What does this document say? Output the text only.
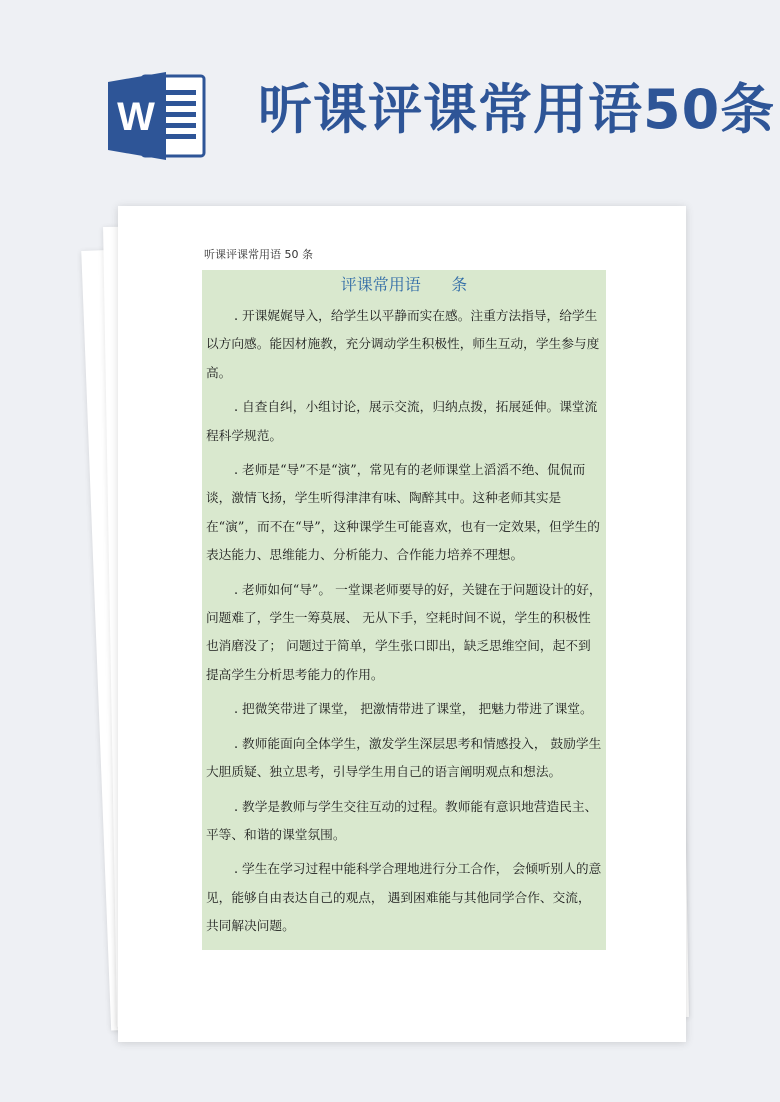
W 听课评课常用语50条
听课评课常用语 50 条
评课常用语      条

. 开课娓娓导入，给学生以平静而实在感。注重方法指导，给学生以方向感。能因材施教，充分调动学生积极性，师生互动，学生参与度高。

. 自查自纠，小组讨论，展示交流，归纳点拨，拓展延伸。课堂流程科学规范。

. 老师是“导”不是“演”，常见有的老师课堂上滔滔不绝、侃侃而谈，激情飞扬，学生听得津津有味、陶醉其中。这种老师其实是在“演”，而不在“导”，这种课学生可能喜欢，也有一定效果，但学生的表达能力、思维能力、分析能力、合作能力培养不理想。

. 老师如何“导”。 一堂课老师要导的好，关键在于问题设计的好，问题难了，学生一筹莫展、 无从下手，空耗时间不说，学生的积极性也消磨没了； 问题过于简单，学生张口即出，缺乏思维空间，起不到提高学生分析思考能力的作用。

. 把微笑带进了课堂， 把激情带进了课堂， 把魅力带进了课堂。

. 教师能面向全体学生，激发学生深层思考和情感投入， 鼓励学生大胆质疑、独立思考，引导学生用自己的语言阐明观点和想法。

. 教学是教师与学生交往互动的过程。教师能有意识地营造民主、平等、和谐的课堂氛围。

. 学生在学习过程中能科学合理地进行分工合作， 会倾听别人的意见，能够自由表达自己的观点， 遇到困难能与其他同学合作、交流， 共同解决问题。
